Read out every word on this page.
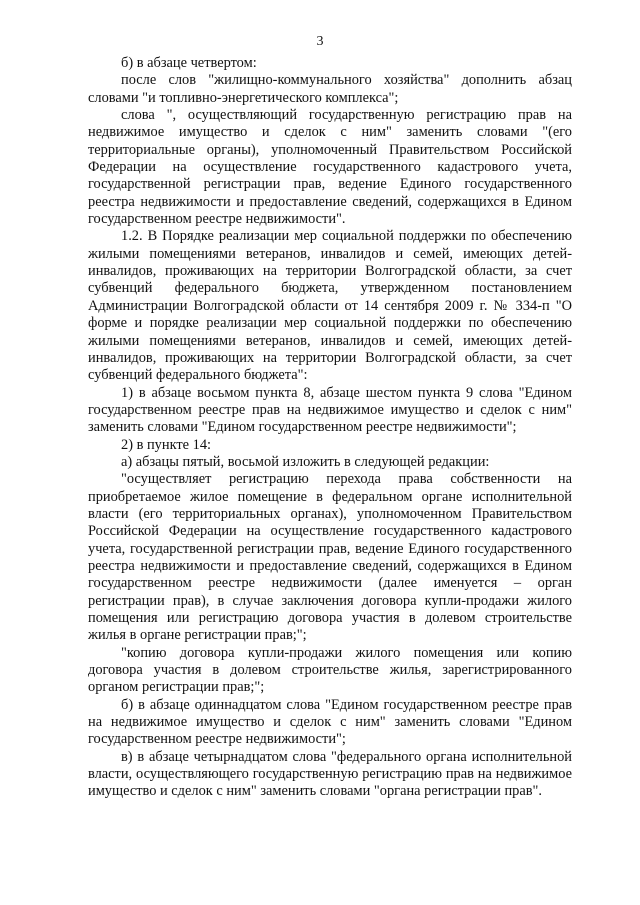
3

б) в абзаце четвертом:

после слов "жилищно-коммунального хозяйства" дополнить абзац словами "и топливно-энергетического комплекса";

слова ", осуществляющий государственную регистрацию прав на недвижимое имущество и сделок с ним" заменить словами "(его территориальные органы), уполномоченный Правительством Российской Федерации на осуществление государственного кадастрового учета, государственной регистрации прав, ведение Единого государственного реестра недвижимости и предоставление сведений, содержащихся в Едином государственном реестре недвижимости".

1.2. В Порядке реализации мер социальной поддержки по обеспечению жилыми помещениями ветеранов, инвалидов и семей, имеющих детей-инвалидов, проживающих на территории Волгоградской области, за счет субвенций федерального бюджета, утвержденном постановлением Администрации Волгоградской области от 14 сентября 2009 г. № 334-п "О форме и порядке реализации мер социальной поддержки по обеспечению жилыми помещениями ветеранов, инвалидов и семей, имеющих детей-инвалидов, проживающих на территории Волгоградской области, за счет субвенций федерального бюджета":

1) в абзаце восьмом пункта 8, абзаце шестом пункта 9 слова "Едином государственном реестре прав на недвижимое имущество и сделок с ним" заменить словами "Едином государственном реестре недвижимости";

2) в пункте 14:

а) абзацы пятый, восьмой изложить в следующей редакции:

"осуществляет регистрацию перехода права собственности на приобретаемое жилое помещение в федеральном органе исполнительной власти (его территориальных органах), уполномоченном Правительством Российской Федерации на осуществление государственного кадастрового учета, государственной регистрации прав, ведение Единого государственного реестра недвижимости и предоставление сведений, содержащихся в Едином государственном реестре недвижимости (далее именуется – орган регистрации прав), в случае заключения договора купли-продажи жилого помещения или регистрацию договора участия в долевом строительстве жилья в органе регистрации прав;";

"копию договора купли-продажи жилого помещения или копию договора участия в долевом строительстве жилья, зарегистрированного органом регистрации прав;";

б) в абзаце одиннадцатом слова "Едином государственном реестре прав на недвижимое имущество и сделок с ним" заменить словами "Едином государственном реестре недвижимости";

в) в абзаце четырнадцатом слова "федерального органа исполнительной власти, осуществляющего государственную регистрацию прав на недвижимое имущество и сделок с ним" заменить словами "органа регистрации прав".
